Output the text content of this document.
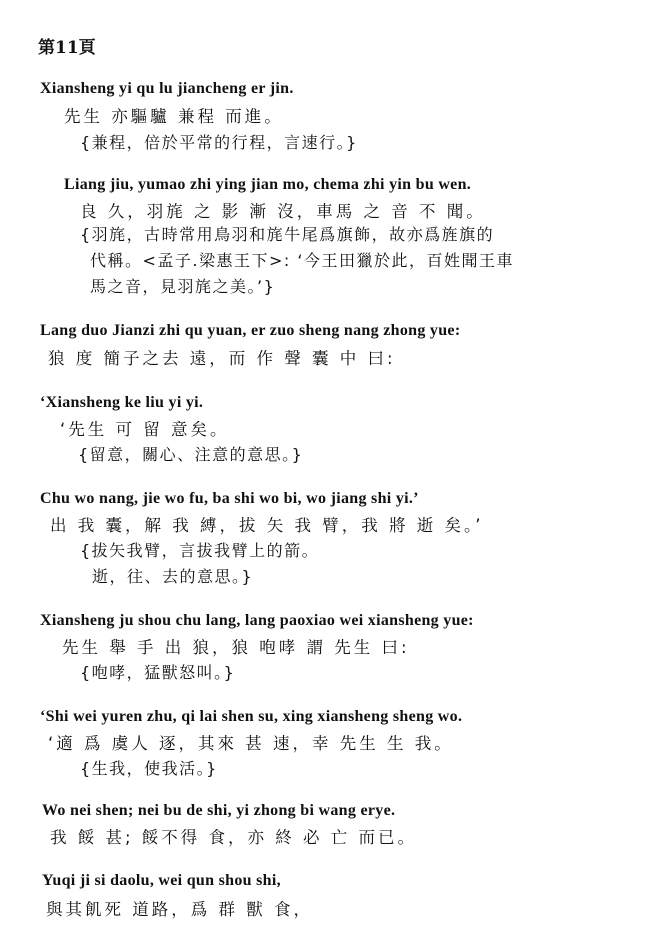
第11頁
Xiansheng yi qu lu jiancheng er jin.
先生 亦驅驢 兼程 而進。
{兼程，倍於平常的行程，言速行。}
Liang jiu, yumao zhi ying jian mo, chema zhi yin bu wen.
良 久，羽旄 之 影 漸 沒，車馬 之 音 不 聞。
{羽旄，古時常用鳥羽和旄牛尾爲旗飾，故亦爲旌旗的
代稱。<孟子.梁惠王下>: ‘今王田獵於此，百姓聞王車
馬之音，見羽旄之美。’}
Lang duo Jianzi zhi qu yuan, er zuo sheng nang zhong yue:
狼 度 簡子之去 遠，而 作 聲 囊 中 曰:
‘Xiansheng ke liu yi yi.
‘先生 可 留 意矣。
{留意，關心、注意的意思。}
Chu wo nang, jie wo fu, ba shi wo bi, wo jiang shi yi.’
出 我 囊，解 我 縛，拔 矢 我 臂，我 將 逝 矣。’
{拔矢我臂，言拔我臂上的箭。
逝，往、去的意思。}
Xiansheng ju shou chu lang, lang paoxiao wei xiansheng yue:
先生 舉 手 出 狼，狼 咆哮 謂 先生 曰:
{咆哮，猛獸怒叫。}
‘Shi wei yuren zhu, qi lai shen su, xing xiansheng sheng wo.
‘適 爲 虞人 逐，其來 甚 速，幸 先生 生 我。
{生我，使我活。}
Wo nei shen; nei bu de shi, yi zhong bi wang erye.
我 餒 甚; 餒不得 食，亦 終 必 亡 而已。
Yuqi ji si daolu, wei qun shou shi,
與其飢死 道路，爲 群 獸 食，
